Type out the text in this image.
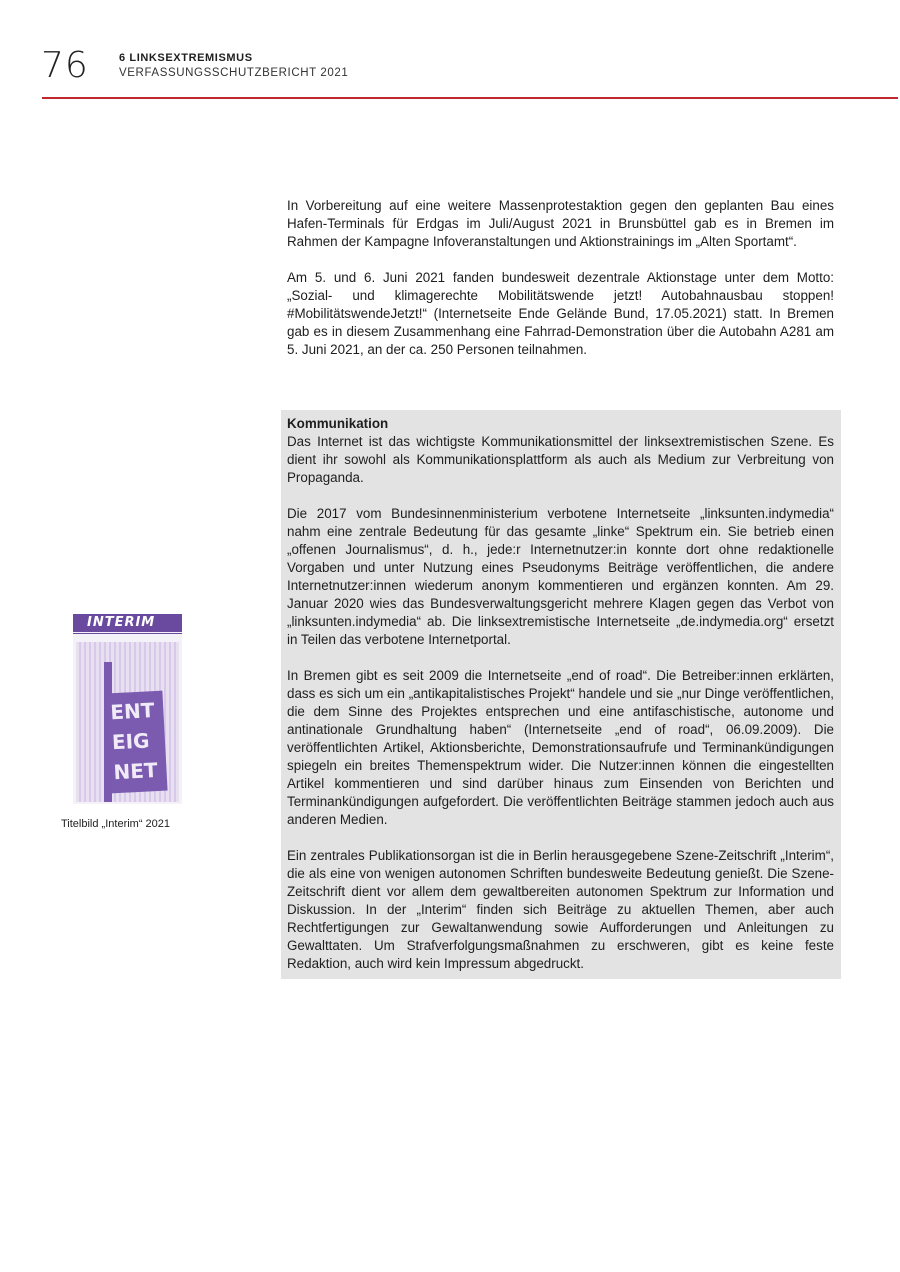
76	6 LINKSEXTREMISMUS
VERFASSUNGSSCHUTZBERICHT 2021

In Vorbereitung auf eine weitere Massenprotestaktion gegen den geplanten Bau eines Hafen-Terminals für Erdgas im Juli/August 2021 in Brunsbüttel gab es in Bremen im Rahmen der Kampagne Infoveranstaltungen und Aktionstrainings im „Alten Sportamt“.

Am 5. und 6. Juni 2021 fanden bundesweit dezentrale Aktionstage unter dem Motto: „Sozial- und klimagerechte Mobilitätswende jetzt! Autobahnausbau stoppen! #MobilitätswendeJetzt!“ (Internetseite Ende Gelände Bund, 17.05.2021) statt. In Bremen gab es in diesem Zusammenhang eine Fahrrad-Demonstration über die Autobahn A281 am 5. Juni 2021, an der ca. 250 Personen teilnahmen.

Kommunikation

Das Internet ist das wichtigste Kommunikationsmittel der linksextremistischen Szene. Es dient ihr sowohl als Kommunikationsplattform als auch als Medium zur Verbreitung von Propaganda.

Die 2017 vom Bundesinnenministerium verbotene Internetseite „linksunten.indymedia“ nahm eine zentrale Bedeutung für das gesamte „linke“ Spektrum ein. Sie betrieb einen „offenen Journalismus“, d. h., jede:r Internetnutzer:in konnte dort ohne redaktionelle Vorgaben und unter Nutzung eines Pseudonyms Beiträge veröffentlichen, die andere Internetnutzer:innen wiederum anonym kommentieren und ergänzen konnten. Am 29. Januar 2020 wies das Bundesverwaltungsgericht mehrere Klagen gegen das Verbot von „linksunten.indymedia“ ab. Die linksextremistische Internetseite „de.indymedia.org“ ersetzt in Teilen das verbotene Internetportal.

In Bremen gibt es seit 2009 die Internetseite „end of road“. Die Betreiber:innen erklärten, dass es sich um ein „antikapitalistisches Projekt“ handele und sie „nur Dinge veröffentlichen, die dem Sinne des Projektes entsprechen und eine antifaschistische, autonome und antinationale Grundhaltung haben“ (Internetseite „end of road“, 06.09.2009). Die veröffentlichten Artikel, Aktionsberichte, Demonstrationsaufrufe und Terminankündigungen spiegeln ein breites Themenspektrum wider. Die Nutzer:innen können die eingestellten Artikel kommentieren und sind darüber hinaus zum Einsenden von Berichten und Terminankündigungen aufgefordert. Die veröffentlichten Beiträge stammen jedoch auch aus anderen Medien.

Ein zentrales Publikationsorgan ist die in Berlin herausgegebene Szene-Zeitschrift „Interim“, die als eine von wenigen autonomen Schriften bundesweite Bedeutung genießt. Die Szene-Zeitschrift dient vor allem dem gewaltbereiten autonomen Spektrum zur Information und Diskussion. In der „Interim“ finden sich Beiträge zu aktuellen Themen, aber auch Rechtfertigungen zur Gewaltanwendung sowie Aufforderungen und Anleitungen zu Gewalttaten. Um Strafverfolgungsmaßnahmen zu erschweren, gibt es keine feste Redaktion, auch wird kein Impressum abgedruckt.

INTERIM
ENT
EIG
NET
Titelbild „Interim“ 2021
